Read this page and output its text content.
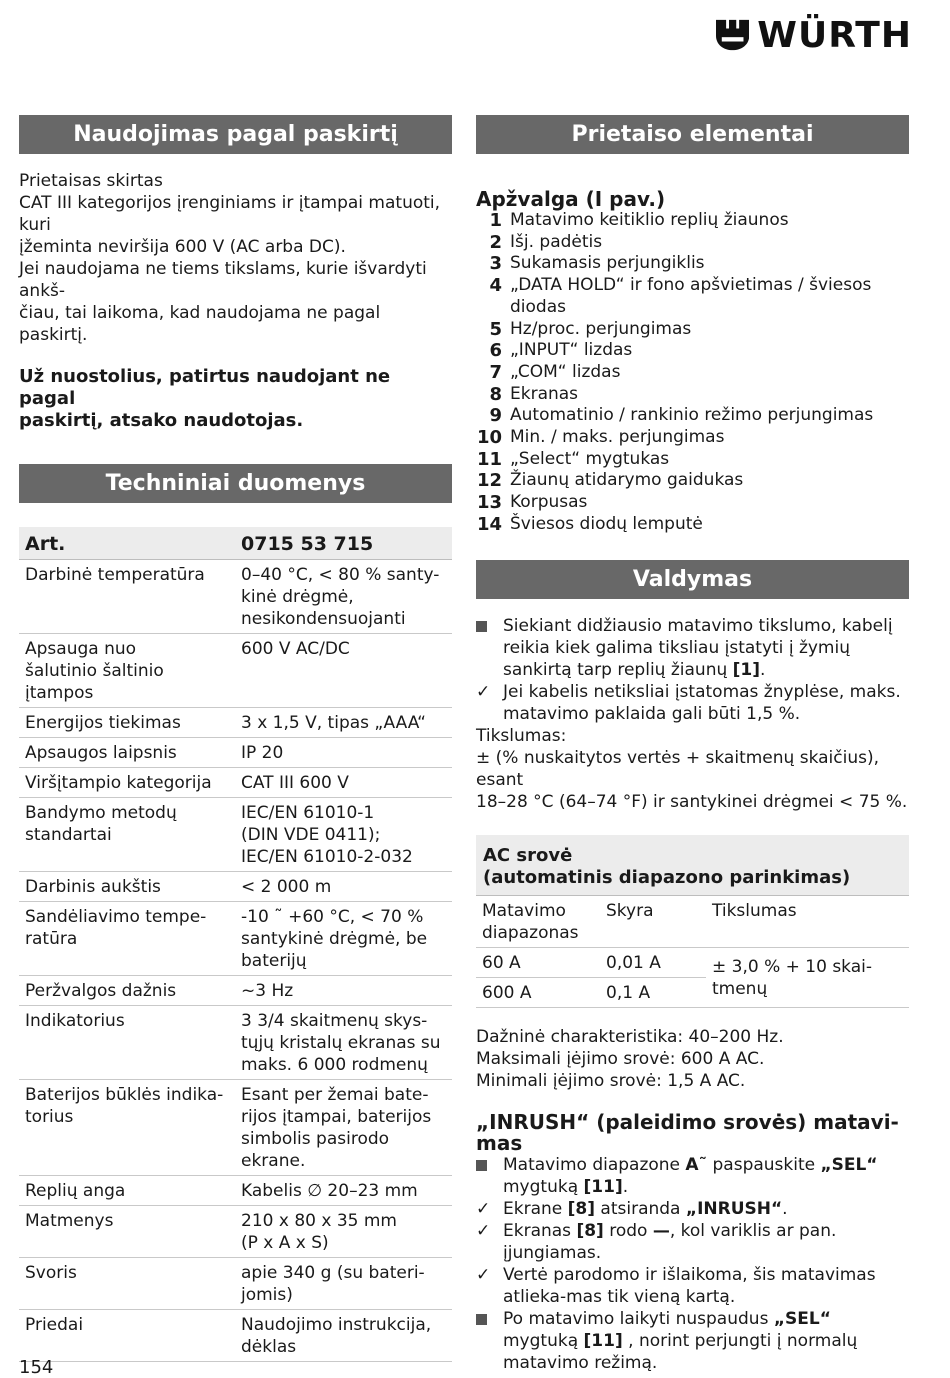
WÜRTH
Naudojimas pagal paskirtį

Prietaisas skirtas

CAT III kategorijos įrenginiams ir įtampai matuoti, kuri

įžeminta neviršija 600 V (AC arba DC).

Jei naudojama ne tiems tikslams, kurie išvardyti ankš-

čiau, tai laikoma, kad naudojama ne pagal paskirtį.

Už nuostolius, patirtus naudojant ne pagal

paskirtį, atsako naudotojas.

Techniniai duomenys
Art.	0715 53 715
Darbinė temperatūra	0–40 °C, < 80 % santy-
kinė drėgmė,
nesikondensuojanti
Apsauga nuo
šalutinio šaltinio įtampos	600 V AC/DC
Energijos tiekimas	3 x 1,5 V, tipas „AAA“
Apsaugos laipsnis	IP 20
Viršįtampio kategorija	CAT III 600 V
Bandymo metodų
standartai	IEC/EN 61010-1
(DIN VDE 0411);
IEC/EN 61010-2-032
Darbinis aukštis	< 2 000 m
Sandėliavimo tempe-
ratūra	-10 ˜ +60 °C, < 70 %
santykinė drėgmė, be
baterijų
Peržvalgos dažnis	~3 Hz
Indikatorius	3 3/4 skaitmenų skys-
tųjų kristalų ekranas su
maks. 6 000 rodmenų
Baterijos būklės indika-
torius	Esant per žemai bate-
rijos įtampai, baterijos
simbolis pasirodo
ekrane.
Replių anga	Kabelis ∅ 20–23 mm
Matmenys	210 x 80 x 35 mm
(P x A x S)
Svoris	apie 340 g (su bateri-
jomis)
Priedai	Naudojimo instrukcija,
dėklas
Prietaiso elementai

Apžvalga (I pav.)

1 Matavimo keitiklio replių žiaunos
2 Išj. padėtis
3 Sukamasis perjungiklis
4 „DATA HOLD“ ir fono apšvietimas / šviesos diodas
5 Hz/proc. perjungimas
6 „INPUT“ lizdas
7 „COM“ lizdas
8 Ekranas
9 Automatinio / rankinio režimo perjungimas
10 Min. / maks. perjungimas
11 „Select“ mygtukas
12 Žiaunų atidarymo gaidukas
13 Korpusas
14 Šviesos diodų lemputė
Valdymas
Siekiant didžiausio matavimo tikslumo, kabelį reikia kiek galima tiksliau įstatyti į žymių sankirtą tarp replių žiaunų [1].
✓ Jei kabelis netiksliai įstatomas žnyplėse, maks. matavimo paklaida gali būti 1,5 %.

Tikslumas:

± (% nuskaitytos vertės + skaitmenų skaičius), esant

18–28 °C (64–74 °F) ir santykinei drėgmei < 75 %.

AC srovė
(automatinis diapazono parinkimas)
Matavimo
diapazonas	Skyra	Tikslumas
60 A	0,01 A	± 3,0 % + 10 skai-
tmenų
600 A	0,1 A	

Dažninė charakteristika: 40–200 Hz.

Maksimali įėjimo srovė: 600 A AC.

Minimali įėjimo srovė: 1,5 A AC.

„INRUSH“ (paleidimo srovės) matavi-
mas

Matavimo diapazone A˜ paspauskite „SEL“ mygtuką [11].
✓ Ekrane [8] atsiranda „INRUSH“.
✓ Ekranas [8] rodo —, kol variklis ar pan. įjungiamas.
✓ Vertė parodomo ir išlaikoma, šis matavimas atlieka-mas tik vieną kartą.
Po matavimo laikyti nuspaudus „SEL“ mygtuką [11] , norint perjungti į normalų matavimo režimą.
154
